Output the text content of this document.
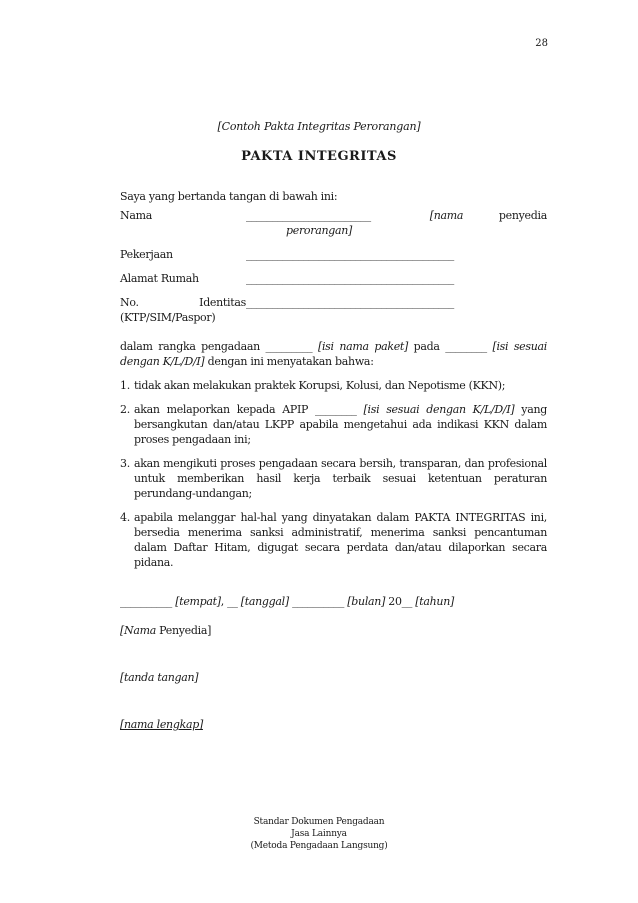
28
[Contoh Pakta Integritas Perorangan]
PAKTA INTEGRITAS

Saya yang bertanda tangan di bawah ini:

Nama	________________________	[nama	penyedia
perorangan]
Pekerjaan	________________________________________
Alamat Rumah	________________________________________
No. Identitas ________________________________________
(KTP/SIM/Paspor)

dalam rangka pengadaan _________ [isi nama paket] pada ________ [isi sesuai dengan K/L/D/I] dengan ini menyatakan bahwa:

1. tidak akan melakukan praktek Korupsi, Kolusi, dan Nepotisme (KKN);
2. akan melaporkan kepada APIP ________ [isi sesuai dengan K/L/D/I] yang bersangkutan dan/atau LKPP apabila mengetahui ada indikasi KKN dalam proses pengadaan ini;
3. akan mengikuti proses pengadaan secara bersih, transparan, dan profesional untuk memberikan hasil kerja terbaik sesuai ketentuan peraturan perundang-undangan;
4. apabila melanggar hal-hal yang dinyatakan dalam PAKTA INTEGRITAS ini, bersedia menerima sanksi administratif, menerima sanksi pencantuman dalam Daftar Hitam, digugat secara perdata dan/atau dilaporkan secara pidana.

__________ [tempat], __ [tanggal] __________ [bulan] 20__ [tahun]

[Nama Penyedia]

[tanda tangan]

[nama lengkap]

Standar Dokumen Pengadaan
Jasa Lainnya
(Metoda Pengadaan Langsung)
